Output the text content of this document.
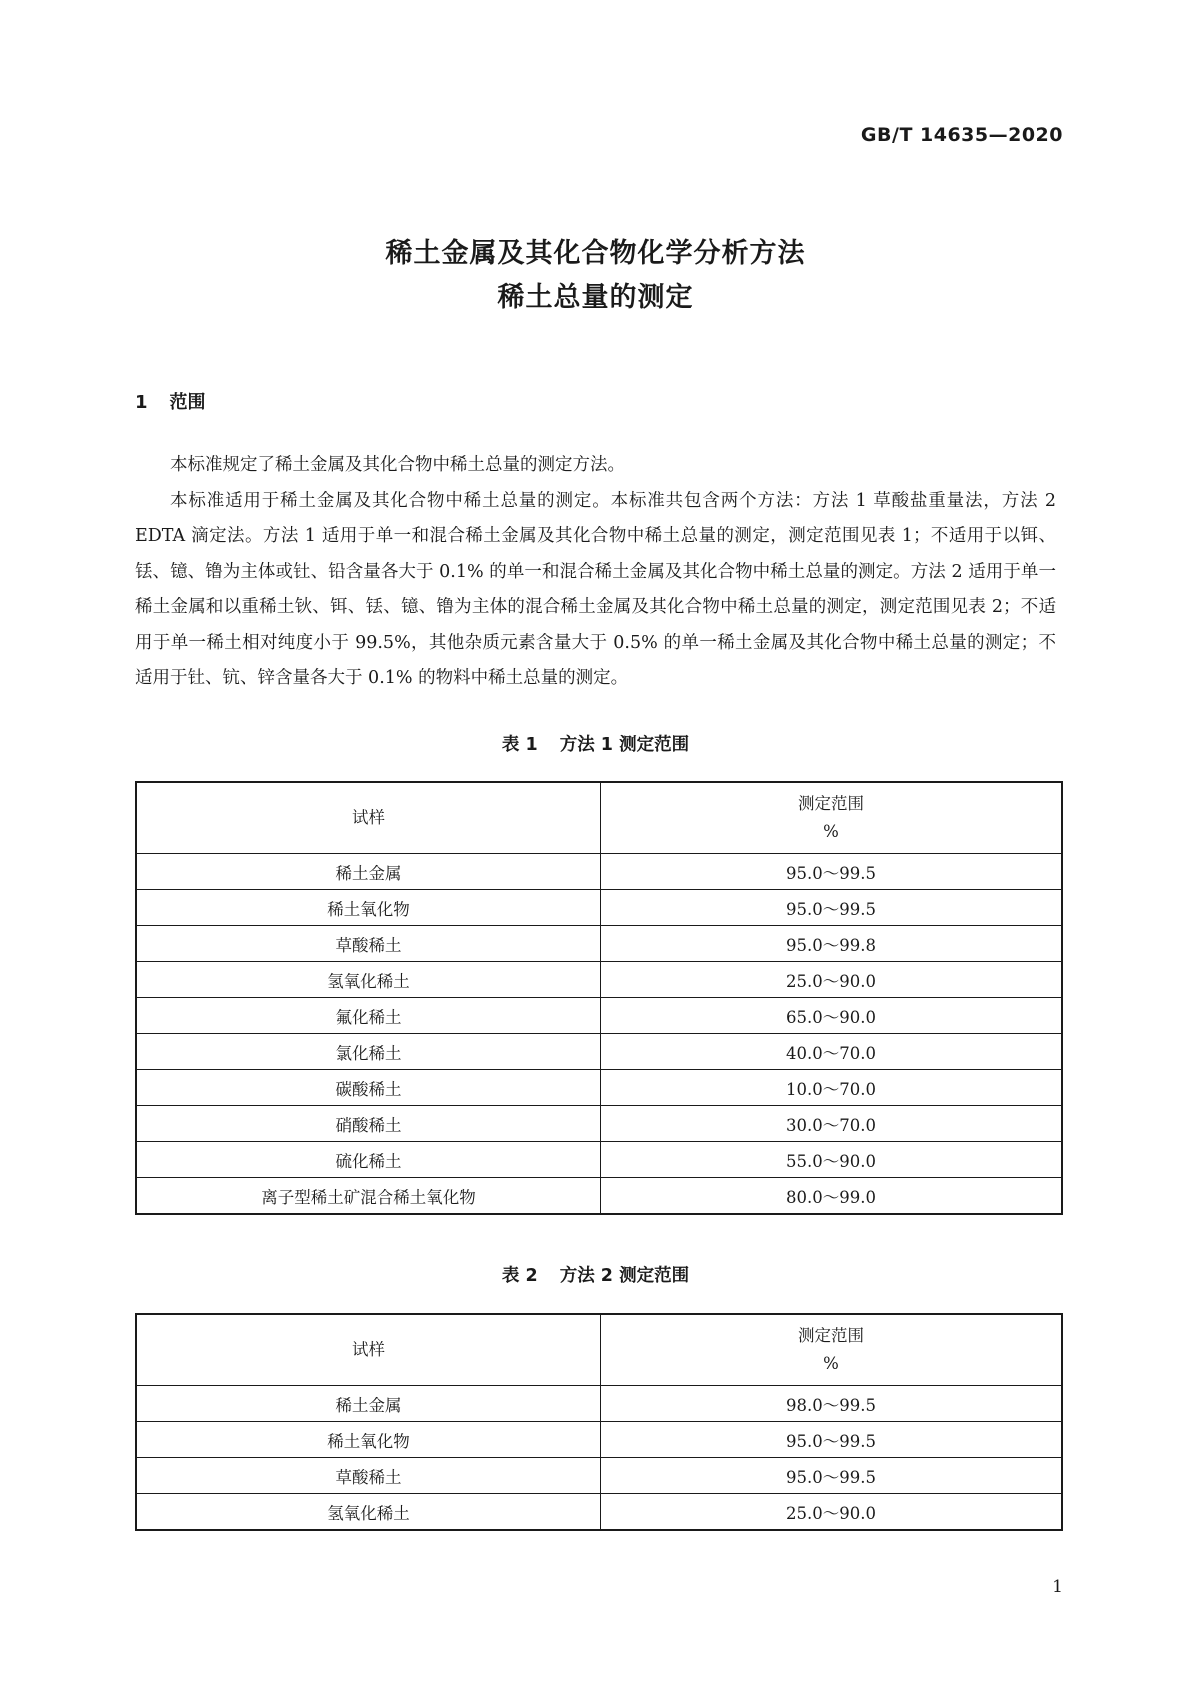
GB/T 14635—2020
稀土金属及其化合物化学分析方法
稀土总量的测定
1 范围

本标准规定了稀土金属及其化合物中稀土总量的测定方法。

本标准适用于稀土金属及其化合物中稀土总量的测定。本标准共包含两个方法：方法 1 草酸盐重量法，方法 2 EDTA 滴定法。方法 1 适用于单一和混合稀土金属及其化合物中稀土总量的测定，测定范围见表 1；不适用于以铒、铥、镱、镥为主体或钍、铅含量各大于 0.1% 的单一和混合稀土金属及其化合物中稀土总量的测定。方法 2 适用于单一稀土金属和以重稀土钬、铒、铥、镱、镥为主体的混合稀土金属及其化合物中稀土总量的测定，测定范围见表 2；不适用于单一稀土相对纯度小于 99.5%，其他杂质元素含量大于 0.5% 的单一稀土金属及其化合物中稀土总量的测定；不适用于钍、钪、锌含量各大于 0.1% 的物料中稀土总量的测定。

表 1 方法 1 测定范围
试样	测定范围
%

稀土金属	95.0～99.5
稀土氧化物	95.0～99.5
草酸稀土	95.0～99.8
氢氧化稀土	25.0～90.0
氟化稀土	65.0～90.0
氯化稀土	40.0～70.0
碳酸稀土	10.0～70.0
硝酸稀土	30.0～70.0
硫化稀土	55.0～90.0
离子型稀土矿混合稀土氧化物	80.0～99.0
表 2 方法 2 测定范围
试样	测定范围
%

稀土金属	98.0～99.5
稀土氧化物	95.0～99.5
草酸稀土	95.0～99.5
氢氧化稀土	25.0～90.0
1
